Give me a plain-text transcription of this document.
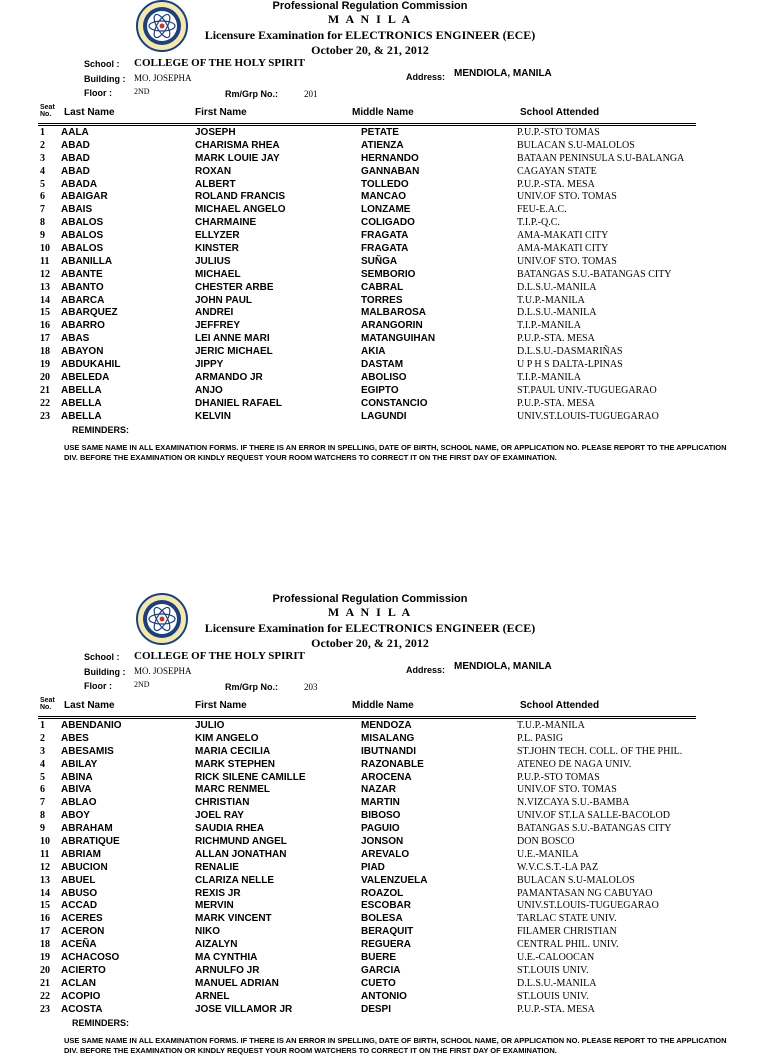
Professional Regulation Commission
M A N I L A
Licensure Examination for ELECTRONICS ENGINEER (ECE)
October 20, & 21, 2012
School : COLLEGE OF THE HOLY SPIRIT
Building : MO. JOSEPHA
Floor :	2ND	Rm/Grp No.:	201
Address: MENDIOLA, MANILA
Seat
No.	Last Name	First Name	Middle Name	School Attended
1 AALA	JOSEPH	PETATE	P.U.P.-STO TOMAS
2 ABAD	CHARISMA RHEA	ATIENZA	BULACAN S.U-MALOLOS
3 ABAD	MARK LOUIE JAY	HERNANDO	BATAAN PENINSULA S.U-BALANGA
4 ABAD	ROXAN	GANNABAN	CAGAYAN STATE
5 ABADA	ALBERT	TOLLEDO	P.U.P.-STA. MESA
6 ABAIGAR	ROLAND FRANCIS	MANCAO	UNIV.OF STO. TOMAS
7 ABAIS	MICHAEL ANGELO	LONZAME	FEU-E.A.C.
8 ABALOS	CHARMAINE	COLIGADO	T.I.P.-Q.C.
9 ABALOS	ELLYZER	FRAGATA	AMA-MAKATI CITY
10 ABALOS	KINSTER	FRAGATA	AMA-MAKATI CITY
11 ABANILLA	JULIUS	SUÑGA	UNIV.OF STO. TOMAS
12 ABANTE	MICHAEL	SEMBORIO	BATANGAS S.U.-BATANGAS CITY
13 ABANTO	CHESTER ARBE	CABRAL	D.L.S.U.-MANILA
14 ABARCA	JOHN PAUL	TORRES	T.U.P.-MANILA
15 ABARQUEZ	ANDREI	MALBAROSA	D.L.S.U.-MANILA
16 ABARRO	JEFFREY	ARANGORIN	T.I.P.-MANILA
17 ABAS	LEI ANNE MARI	MATANGUIHAN	P.U.P.-STA. MESA
18 ABAYON	JERIC MICHAEL	AKIA	D.L.S.U.-DASMARIÑAS
19 ABDUKAHIL	JIPPY	DASTAM	U P H S DALTA-LPINAS
20 ABELEDA	ARMANDO JR	ABOLISO	T.I.P.-MANILA
21 ABELLA	ANJO	EGIPTO	ST.PAUL UNIV.-TUGUEGARAO
22 ABELLA	DHANIEL RAFAEL	CONSTANCIO	P.U.P.-STA. MESA
23 ABELLA	KELVIN	LAGUNDI	UNIV.ST.LOUIS-TUGUEGARAO
REMINDERS:
USE SAME NAME IN ALL EXAMINATION FORMS. IF THERE IS AN ERROR IN SPELLING, DATE OF BIRTH, SCHOOL NAME, OR APPLICATION NO. PLEASE REPORT TO THE APPLICATION DIV. BEFORE THE EXAMINATION OR KINDLY REQUEST YOUR ROOM WATCHERS TO CORRECT IT ON THE FIRST DAY OF EXAMINATION.
Professional Regulation Commission
M A N I L A
Licensure Examination for ELECTRONICS ENGINEER (ECE)
October 20, & 21, 2012
School : COLLEGE OF THE HOLY SPIRIT
Building : MO. JOSEPHA
Floor :	2ND	Rm/Grp No.:	203
Address: MENDIOLA, MANILA
Seat
No.	Last Name	First Name	Middle Name	School Attended
1 ABENDANIO	JULIO	MENDOZA	T.U.P.-MANILA
2 ABES	KIM ANGELO	MISALANG	P.L. PASIG
3 ABESAMIS	MARIA CECILIA	IBUTNANDI	ST.JOHN TECH. COLL. OF THE PHIL.
4 ABILAY	MARK STEPHEN	RAZONABLE	ATENEO DE NAGA UNIV.
5 ABINA	RICK SILENE CAMILLE	AROCENA	P.U.P.-STO TOMAS
6 ABIVA	MARC RENMEL	NAZAR	UNIV.OF STO. TOMAS
7 ABLAO	CHRISTIAN	MARTIN	N.VIZCAYA S.U.-BAMBA
8 ABOY	JOEL RAY	BIBOSO	UNIV.OF ST.LA SALLE-BACOLOD
9 ABRAHAM	SAUDIA RHEA	PAGUIO	BATANGAS S.U.-BATANGAS CITY
10 ABRATIQUE	RICHMUND ANGEL	JONSON	DON BOSCO
11 ABRIAM	ALLAN JONATHAN	AREVALO	U.E.-MANILA
12 ABUCION	RENALIE	PIAD	W.V.C.S.T.-LA PAZ
13 ABUEL	CLARIZA NELLE	VALENZUELA	BULACAN S.U-MALOLOS
14 ABUSO	REXIS JR	ROAZOL	PAMANTASAN NG CABUYAO
15 ACCAD	MERVIN	ESCOBAR	UNIV.ST.LOUIS-TUGUEGARAO
16 ACERES	MARK VINCENT	BOLESA	TARLAC STATE UNIV.
17 ACERON	NIKO	BERAQUIT	FILAMER CHRISTIAN
18 ACEÑA	AIZALYN	REGUERA	CENTRAL PHIL. UNIV.
19 ACHACOSO	MA CYNTHIA	BUERE	U.E.-CALOOCAN
20 ACIERTO	ARNULFO JR	GARCIA	ST.LOUIS UNIV.
21 ACLAN	MANUEL ADRIAN	CUETO	D.L.S.U.-MANILA
22 ACOPIO	ARNEL	ANTONIO	ST.LOUIS UNIV.
23 ACOSTA	JOSE VILLAMOR JR	DESPI	P.U.P.-STA. MESA
REMINDERS:
USE SAME NAME IN ALL EXAMINATION FORMS. IF THERE IS AN ERROR IN SPELLING, DATE OF BIRTH, SCHOOL NAME, OR APPLICATION NO. PLEASE REPORT TO THE APPLICATION DIV. BEFORE THE EXAMINATION OR KINDLY REQUEST YOUR ROOM WATCHERS TO CORRECT IT ON THE FIRST DAY OF EXAMINATION.
